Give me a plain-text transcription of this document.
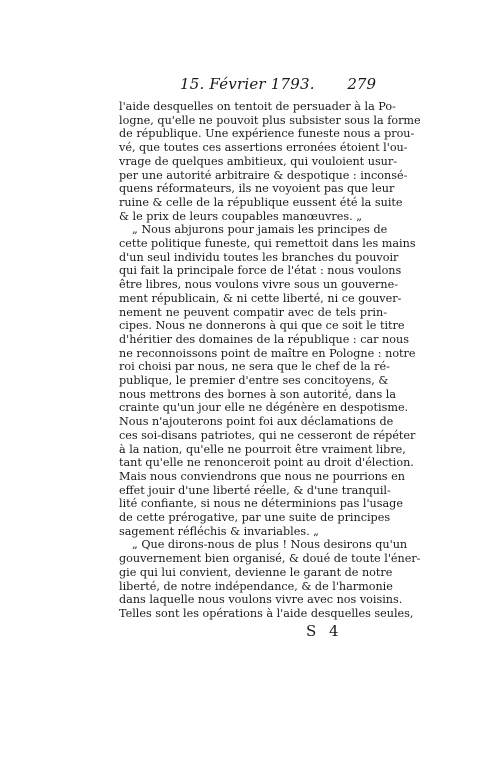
15. Février 1793. 279
l'aide desquelles on tentoit de persuader à la Po-
logne, qu'elle ne pouvoit plus subsister sous la forme
de république. Une expérience funeste nous a prou-
vé, que toutes ces assertions erronées étoient l'ou-
vrage de quelques ambitieux, qui vouloient usur-
per une autorité arbitraire & despotique : inconsé-
quens réformateurs, ils ne voyoient pas que leur
ruine & celle de la république eussent été la suite
& le prix de leurs coupables manœuvres. „
„ Nous abjurons pour jamais les principes de
cette politique funeste, qui remettoit dans les mains
d'un seul individu toutes les branches du pouvoir
qui fait la principale force de l'état : nous voulons
être libres, nous voulons vivre sous un gouverne-
ment républicain, & ni cette liberté, ni ce gouver-
nement ne peuvent compatir avec de tels prin-
cipes. Nous ne donnerons à qui que ce soit le titre
d'héritier des domaines de la république : car nous
ne reconnoissons point de maître en Pologne : notre
roi choisi par nous, ne sera que le chef de la ré-
publique, le premier d'entre ses concitoyens, &
nous mettrons des bornes à son autorité, dans la
crainte qu'un jour elle ne dégénère en despotisme.
Nous n'ajouterons point foi aux déclamations de
ces soi-disans patriotes, qui ne cesseront de répéter
à la nation, qu'elle ne pourroit être vraiment libre,
tant qu'elle ne renonceroit point au droit d'élection.
Mais nous conviendrons que nous ne pourrions en
effet jouir d'une liberté réelle, & d'une tranquil-
lité confiante, si nous ne déterminions pas l'usage
de cette prérogative, par une suite de principes
sagement réfléchis & invariables. „
„ Que dirons-nous de plus ! Nous desirons qu'un
gouvernement bien organisé, & doué de toute l'éner-
gie qui lui convient, devienne le garant de notre
liberté, de notre indépendance, & de l'harmonie
dans laquelle nous voulons vivre avec nos voisins.
Telles sont les opérations à l'aide desquelles seules,
S 4
